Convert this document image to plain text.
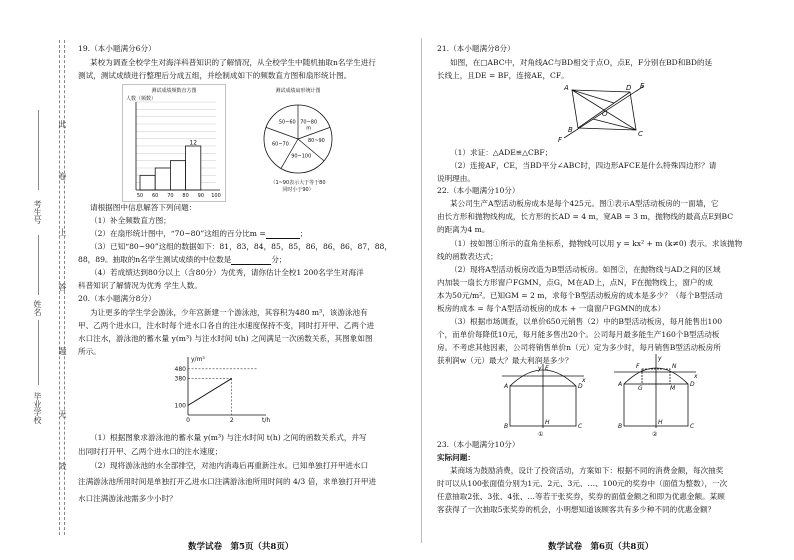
此
卷
上
答
题
无
效
考生号
姓名
毕业学校
19.（本小题满分6分）
某校为调查全校学生对海洋科普知识的了解情况，从全校学生中随机抽取n名学生进行
测试，测试成绩进行整理后分成五组，并绘制成如下的频数直方图和扇形统计图。
测试成绩频数直方图
人数（频数）
50 60 70 80 90 100
12
测试成绩扇形统计图
70~80
m
80~90
90~100
60~70
50~60
（1~90表示大于等于80
同时小于90）
请根据图中信息解答下列问题：
（1）补全频数直方图；
（2）在扇形统计图中，“70~80”这组的百分比m =	；
（3）已知“80~90”这组的数据如下：81，83，84，85，85，86，86，86，87，88，
88，89。抽取的n名学生测试成绩的中位数是	分；
（4）若成绩达到80分以上（含80分）为优秀，请你估计全校1 200名学生对海洋
科普知识了解情况为优秀 学生人数。
20.（本小题满分8分）
为让更多的学生学会游泳，少年宫新建一个游泳池，其容积为480 m³，该游泳池有
甲、乙两个进水口，注水时每个进水口各自的注水速度保持不变，同时打开甲、乙两个进
水口注水，游泳池的蓄水量 y(m³) 与注水时间 t(h) 之间满足一次函数关系，其图象如图
所示。
100
380
480
0	2	t/h
y/m³
（1）根据图象求游泳池的蓄水量 y(m³) 与注水时间 t(h) 之间的函数关系式，并写
出同时打开甲、乙两个进水口的注水速度；
（2）现将游泳池的水全部排空，对池内消毒后再重新注水。已知单独打开甲进水口
注满游泳池所用时间是单独打开乙进水口注满游泳池所用时间的 4/3 倍，求单独打开甲进
水口注满游泳池需多少小时？
数学试卷　第5页（共8页）
21.（本小题满分8分）
如图，在□ABC中，对角线AC与BD相交于点O，点E，F分别在BD和BD的延
长线上，且DE = BF，连接AE，CF。
A	E
D
O
B
F
C
（1）求证：△ADE≌△CBF；
（2）连接AF，CE，当BD平分∠ABC时，四边形AFCE是什么特殊四边形？请
说明理由。
22.（本小题满分10分）
某公司生产A型活动板房成本是每个425元。图①表示A型活动板房的一面墙，它
由长方形和抛物线构成，长方形的长AD = 4 m，宽AB = 3 m，抛物线的最高点E到BC
的距离为4 m。
（1）按如图①所示的直角坐标系，抛物线可以用 y = kx² + m (k≠0) 表示。求该抛物
线的函数表达式；
（2）现将A型活动板房改造为B型活动板房。如图②，在抛物线与AD之间的区域
内加装一扇长方形窗户FGMN，点G，M在AD上，点N，F在抛物线上，窗户的成
本为50元/m²。已知GM = 2 m，求每个B型活动板房的成本是多少？（每个B型活动
板房的成本 = 每个A型活动板房的成本 + 一扇窗户FGMN的成本）
（3）根据市场调查，以单价650元销售（2）中的B型活动板房，每月能售出100
个，而单价每降低10元，每月能多售出20个。公司每月最多能生产160个B型活动板
房。不考虑其他因素，公司将销售单价n（元）定为多少时，每月销售B型活动板房所
获利润w（元）最大？最大利润是多少？
E
A	D
B	C
H
x
y
①
F	N
y
x
A	D
G	M
B	C
H
②
23.（本小题满分10分）
实际问题：
某商场为鼓励消费，设计了投资活动，方案如下：根据不同的消费金额，每次抽奖
时可以从100张面值分别为1元、2元、3元、…、100元的奖券中（面值为整数），一次
任意抽取2张、3张、4张、…等若干张奖券，奖券的面值金额之和即为优惠金额。某顾
客获得了一次抽取5张奖券的机会，小明想知道该顾客共有多少种不同的优惠金额？
数学试卷　第6页（共8页）
